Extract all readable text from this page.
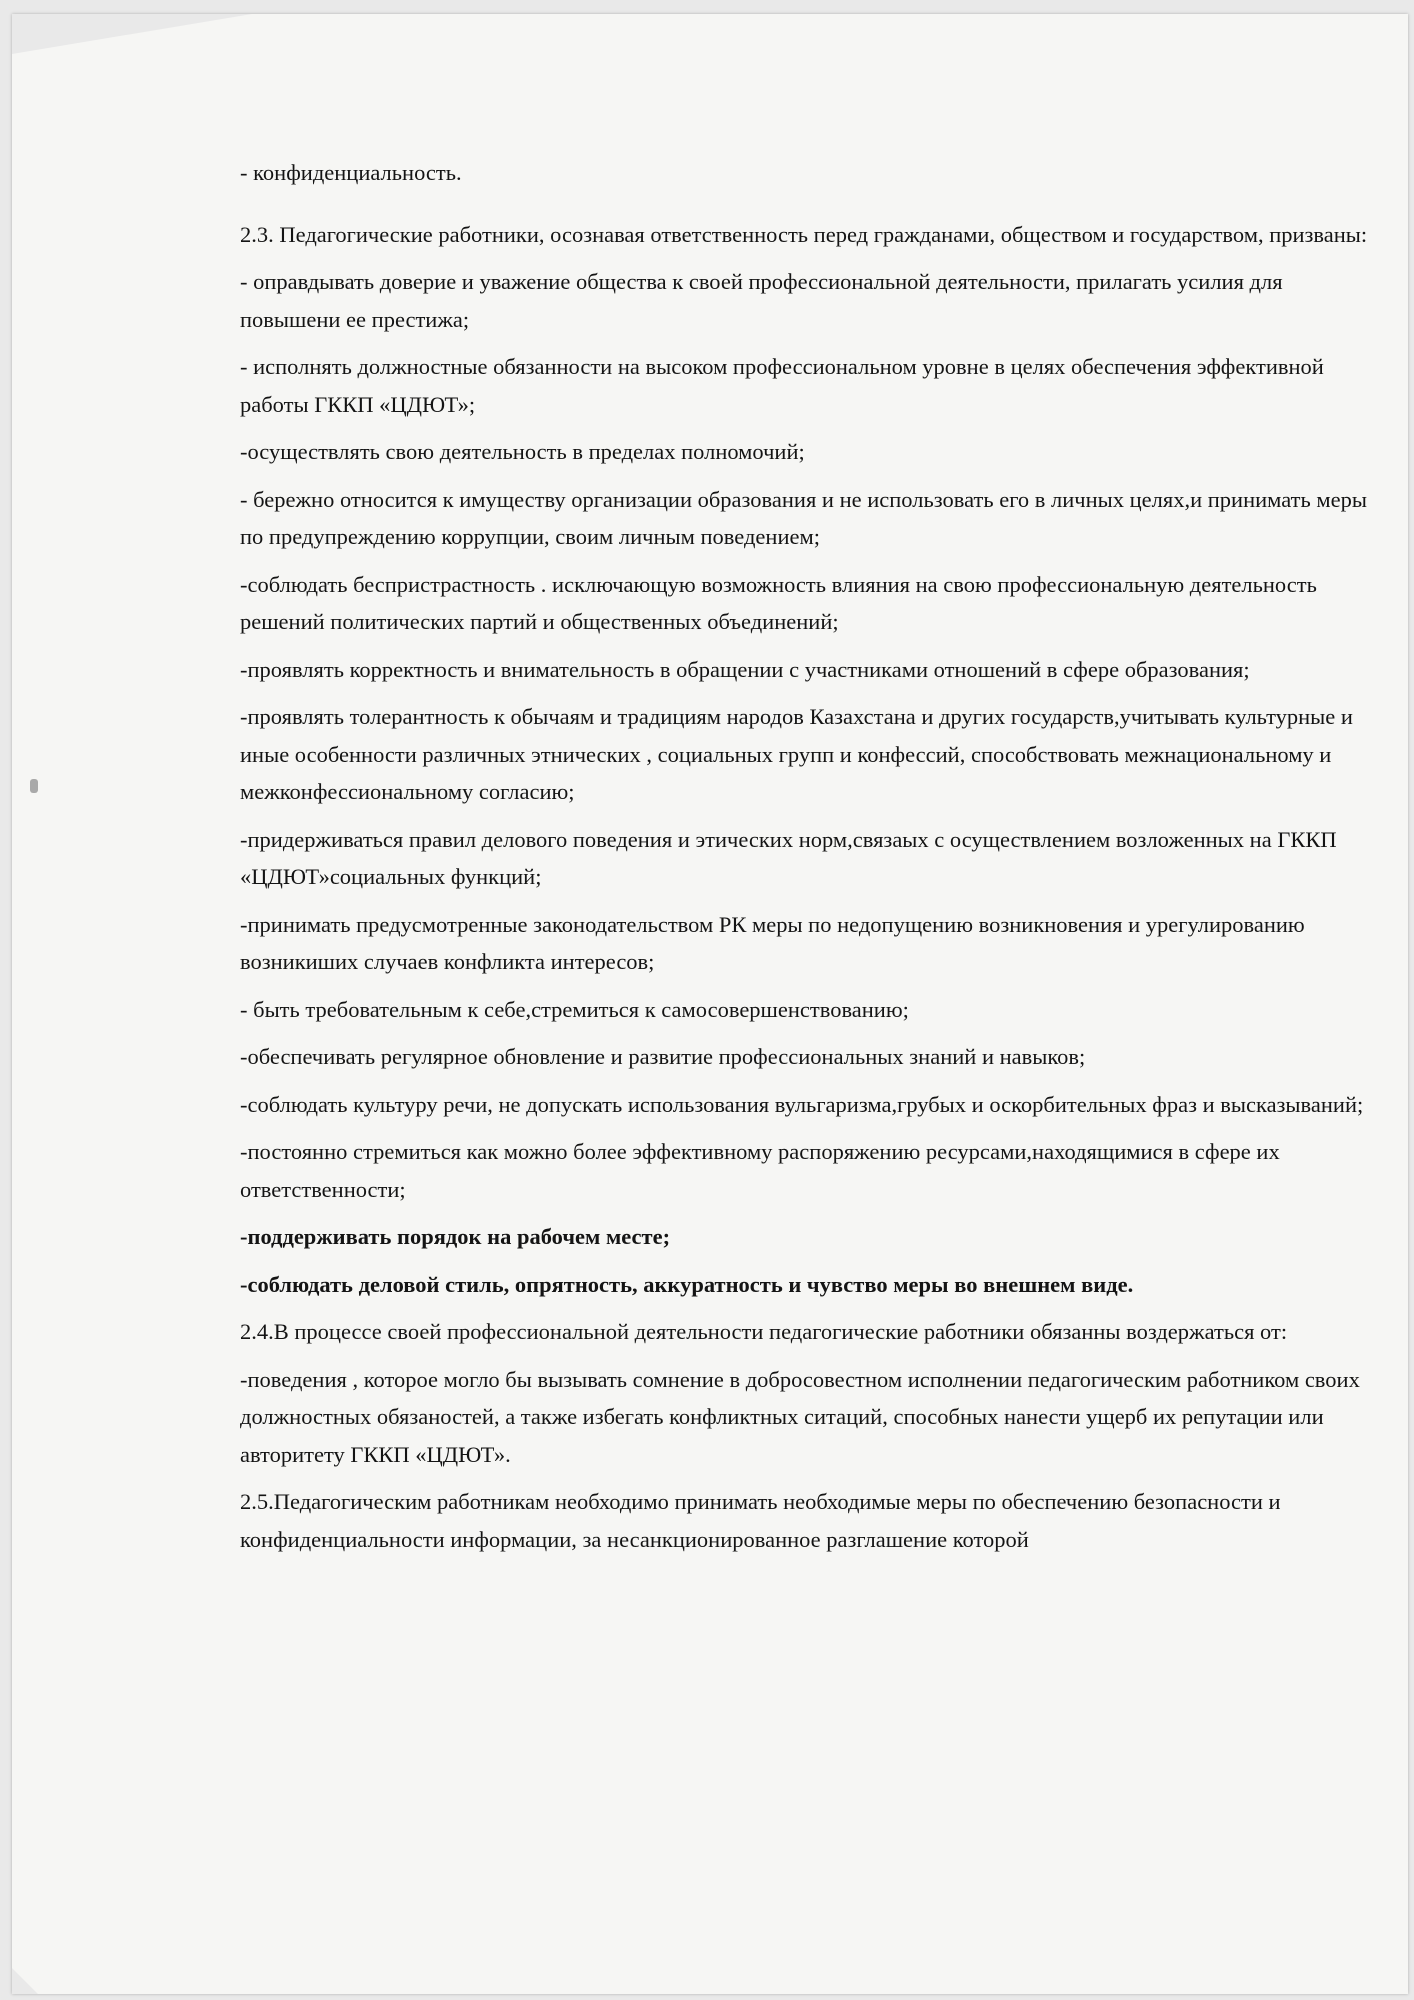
- конфиденциальность.

2.3. Педагогические работники, осознавая ответственность перед гражданами, обществом и государством, призваны:

- оправдывать доверие и уважение общества к своей профессиональной деятельности, прилагать усилия для повышени ее престижа;

- исполнять должностные обязанности на высоком профессиональном уровне в целях обеспечения эффективной работы ГККП «ЦДЮТ»;

-осуществлять свою деятельность в пределах полномочий;

- бережно относится к имуществу организации образования и не использовать его в личных целях,и принимать меры по предупреждению коррупции, своим личным поведением;

-соблюдать беспристрастность . исключающую возможность влияния на свою профессиональную деятельность решений политических партий и общественных объединений;

-проявлять корректность и внимательность в обращении с участниками отношений в сфере образования;

-проявлять толерантность к обычаям и традициям народов Казахстана и других государств,учитывать культурные и иные особенности различных этнических , социальных групп и конфессий, способствовать межнациональному и межконфессиональному согласию;

-придерживаться правил делового поведения и этических норм,связаых с осуществлением возложенных на ГККП «ЦДЮТ»социальных функций;

-принимать предусмотренные законодательством РК меры по недопущению возникновения и урегулированию возникиших случаев конфликта интересов;

- быть требовательным к себе,стремиться к самосовершенствованию;

-обеспечивать регулярное обновление и развитие профессиональных знаний и навыков;

-соблюдать культуру речи, не допускать использования вульгаризма,грубых и оскорбительных фраз и высказываний;

-постоянно стремиться как можно более эффективному распоряжению ресурсами,находящимися в сфере их ответственности;

-поддерживать порядок на рабочем месте;

-соблюдать деловой стиль, опрятность, аккуратность и чувство меры во внешнем виде.

2.4.В процессе своей профессиональной деятельности педагогические работники обязанны воздержаться от:

-поведения , которое могло бы вызывать сомнение в добросовестном исполнении педагогическим работником своих должностных обязаностей, а также избегать конфликтных ситаций, способных нанести ущерб их репутации или авторитету ГККП «ЦДЮТ».

2.5.Педагогическим работникам необходимо принимать необходимые меры по обеспечению безопасности и конфиденциальности информации, за несанкционированное разглашение которой
